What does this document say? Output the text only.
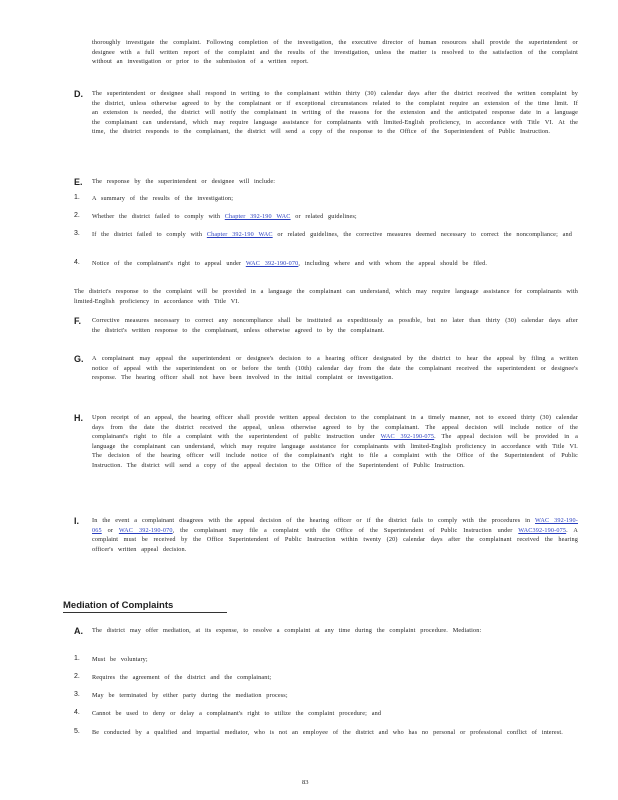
thoroughly investigate the complaint. Following completion of the investigation, the executive director of human resources shall provide the superintendent or designee with a full written report of the complaint and the results of the investigation, unless the matter is resolved to the satisfaction of the complaint without an investigation or prior to the submission of a written report.

D. The superintendent or designee shall respond in writing to the complainant within thirty (30) calendar days after the district received the written complaint by the district, unless otherwise agreed to by the complainant or if exceptional circumstances related to the complaint require an extension of the time limit. If an extension is needed, the district will notify the complainant in writing of the reasons for the extension and the anticipated response date in a language the complainant can understand, which may require language assistance for complainants with limited-English proficiency, in accordance with Title VI. At the time, the district responds to the complainant, the district will send a copy of the response to the Office of the Superintendent of Public Instruction.

E. The response by the superintendent or designee will include:

1. A summary of the results of the investigation;

2. Whether the district failed to comply with Chapter 392-190 WAC or related guidelines;

3. If the district failed to comply with Chapter 392-190 WAC or related guidelines, the corrective measures deemed necessary to correct the noncompliance; and

4. Notice of the complainant's right to appeal under WAC 392-190-070, including where and with whom the appeal should be filed.

The district's response to the complaint will be provided in a language the complainant can understand, which may require language assistance for complainants with limited-English proficiency in accordance with Title VI.

F. Corrective measures necessary to correct any noncompliance shall be instituted as expeditiously as possible, but no later than thirty (30) calendar days after the district's written response to the complainant, unless otherwise agreed to by the complainant.

G. A complainant may appeal the superintendent or designee's decision to a hearing officer designated by the district to hear the appeal by filing a written notice of appeal with the superintendent on or before the tenth (10th) calendar day from the date the complainant received the superintendent or designee's response. The hearing officer shall not have been involved in the initial complaint or investigation.

H. Upon receipt of an appeal, the hearing officer shall provide written appeal decision to the complainant in a timely manner, not to exceed thirty (30) calendar days from the date the district received the appeal, unless otherwise agreed to by the complainant. The appeal decision will include notice of the complainant's right to file a complaint with the superintendent of public instruction under WAC 392-190-075. The appeal decision will be provided in a language the complainant can understand, which may require language assistance for complainants with limited-English proficiency in accordance with Title VI. The decision of the hearing officer will include notice of the complainant's right to file a complaint with the Office of the Superintendent of Public Instruction. The district will send a copy of the appeal decision to the Office of the Superintendent of Public Instruction.

I. In the event a complainant disagrees with the appeal decision of the hearing officer or if the district fails to comply with the procedures in WAC 392-190-065 or WAC 392-190-070, the complainant may file a complaint with the Office of the Superintendent of Public Instruction under WAC392-190-075. A complaint must be received by the Office Superintendent of Public Instruction within twenty (20) calendar days after the complainant received the hearing officer's written appeal decision.

Mediation of Complaints
A. The district may offer mediation, at its expense, to resolve a complaint at any time during the complaint procedure. Mediation:

1. Must be voluntary;

2. Requires the agreement of the district and the complainant;

3. May be terminated by either party during the mediation process;

4. Cannot be used to deny or delay a complainant's right to utilize the complaint procedure; and

5. Be conducted by a qualified and impartial mediator, who is not an employee of the district and who has no personal or professional conflict of interest.

83
